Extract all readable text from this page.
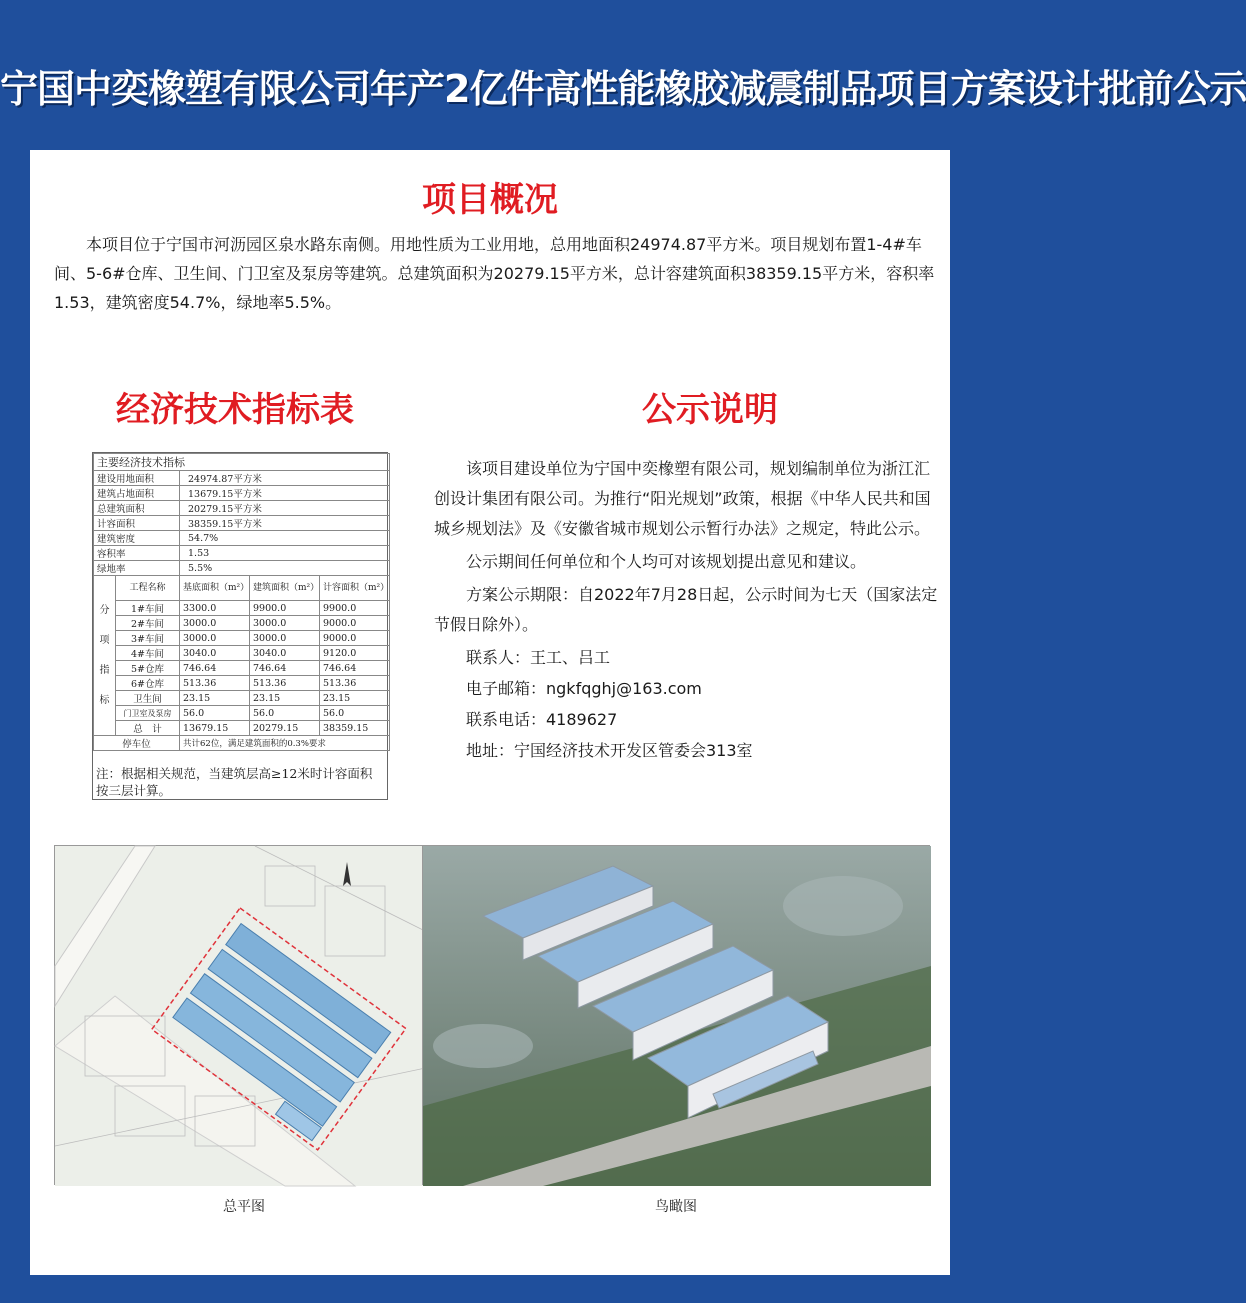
宁国中奕橡塑有限公司年产2亿件高性能橡胶减震制品项目方案设计批前公示
项目概况

本项目位于宁国市河沥园区泉水路东南侧。用地性质为工业用地，总用地面积24974.87平方米。项目规划布置1-4#车间、5-6#仓库、卫生间、门卫室及泵房等建筑。总建筑面积为20279.15平方米，总计容建筑面积38359.15平方米，容积率1.53，建筑密度54.7%，绿地率5.5%。

经济技术指标表	公示说明
主要经济技术指标				
建设用地面积		24974.87平方米		
建筑占地面积		13679.15平方米		
总建筑面积		20279.15平方米		
计容面积		38359.15平方米		
建筑密度		54.7%		
容积率		1.53		
绿地率		5.5%		

分项指标	工程名称	基底面积（m²）	建筑面积（m²）	计容面积（m²）
	1#车间	3300.0	9900.0	9900.0
	2#车间	3000.0	3000.0	9000.0
	3#车间	3000.0	3000.0	9000.0
	4#车间	3040.0	3040.0	9120.0
	5#仓库	746.64	746.64	746.64
	6#仓库	513.36	513.36	513.36
	卫生间	23.15	23.15	23.15
	门卫室及泵房	56.0	56.0	56.0
	总　计	13679.15	20279.15	38359.15
停车位		共计62位，满足建筑面积的0.3%要求		

注：根据相关规范，当建筑层高≥12米时计容面积按三层计算。

该项目建设单位为宁国中奕橡塑有限公司，规划编制单位为浙江汇创设计集团有限公司。为推行“阳光规划”政策，根据《中华人民共和国城乡规划法》及《安徽省城市规划公示暂行办法》之规定，特此公示。

公示期间任何单位和个人均可对该规划提出意见和建议。

方案公示期限：自2022年7月28日起，公示时间为七天（国家法定节假日除外）。

联系人：王工、吕工

电子邮箱：ngkfqghj@163.com

联系电话：4189627

地址：宁国经济技术开发区管委会313室

总平图	鸟瞰图
